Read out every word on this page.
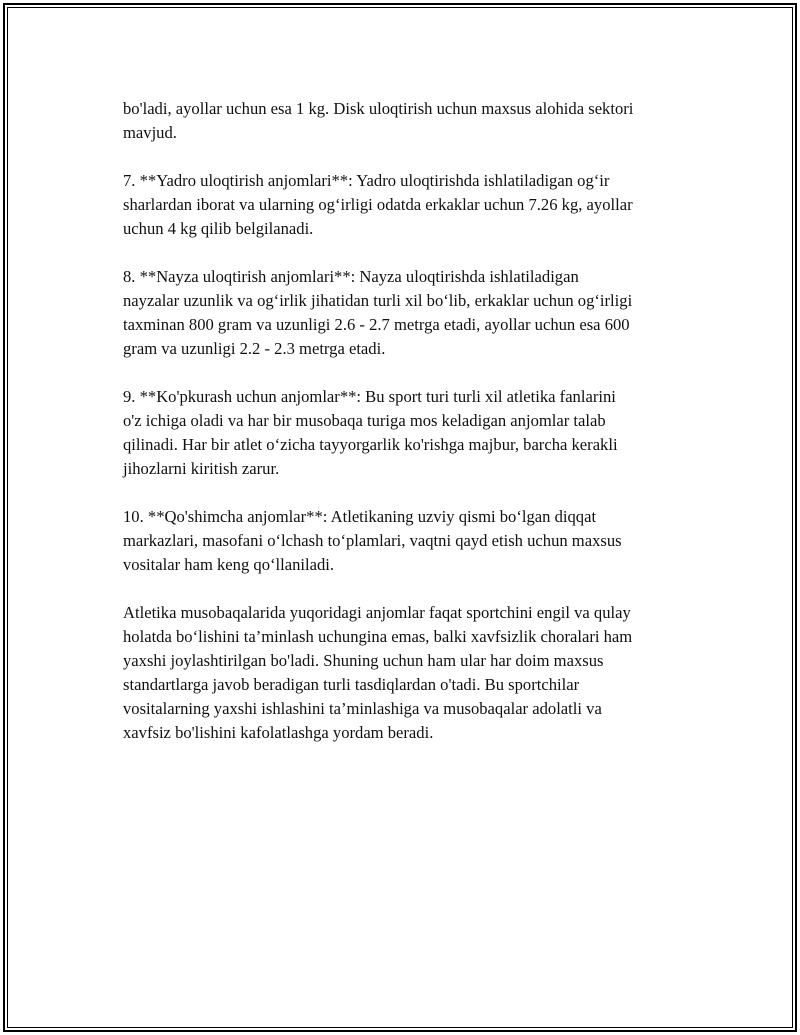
bo'ladi, ayollar uchun esa 1 kg. Disk uloqtirish uchun maxsus alohida sektori
mavjud.

7. **Yadro uloqtirish anjomlari**: Yadro uloqtirishda ishlatiladigan og‘ir
sharlardan iborat va ularning og‘irligi odatda erkaklar uchun 7.26 kg, ayollar
uchun 4 kg qilib belgilanadi.

8. **Nayza uloqtirish anjomlari**: Nayza uloqtirishda ishlatiladigan
nayzalar uzunlik va og‘irlik jihatidan turli xil bo‘lib, erkaklar uchun og‘irligi
taxminan 800 gram va uzunligi 2.6 - 2.7 metrga etadi, ayollar uchun esa 600
gram va uzunligi 2.2 - 2.3 metrga etadi.

9. **Ko'pkurash uchun anjomlar**: Bu sport turi turli xil atletika fanlarini
o'z ichiga oladi va har bir musobaqa turiga mos keladigan anjomlar talab
qilinadi. Har bir atlet o‘zicha tayyorgarlik ko'rishga majbur, barcha kerakli
jihozlarni kiritish zarur.

10. **Qo'shimcha anjomlar**: Atletikaning uzviy qismi bo‘lgan diqqat
markazlari, masofani o‘lchash to‘plamlari, vaqtni qayd etish uchun maxsus
vositalar ham keng qo‘llaniladi.

Atletika musobaqalarida yuqoridagi anjomlar faqat sportchini engil va qulay
holatda bo‘lishini ta’minlash uchungina emas, balki xavfsizlik choralari ham
yaxshi joylashtirilgan bo'ladi. Shuning uchun ham ular har doim maxsus
standartlarga javob beradigan turli tasdiqlardan o'tadi. Bu sportchilar
vositalarning yaxshi ishlashini ta’minlashiga va musobaqalar adolatli va
xavfsiz bo'lishini kafolatlashga yordam beradi.
